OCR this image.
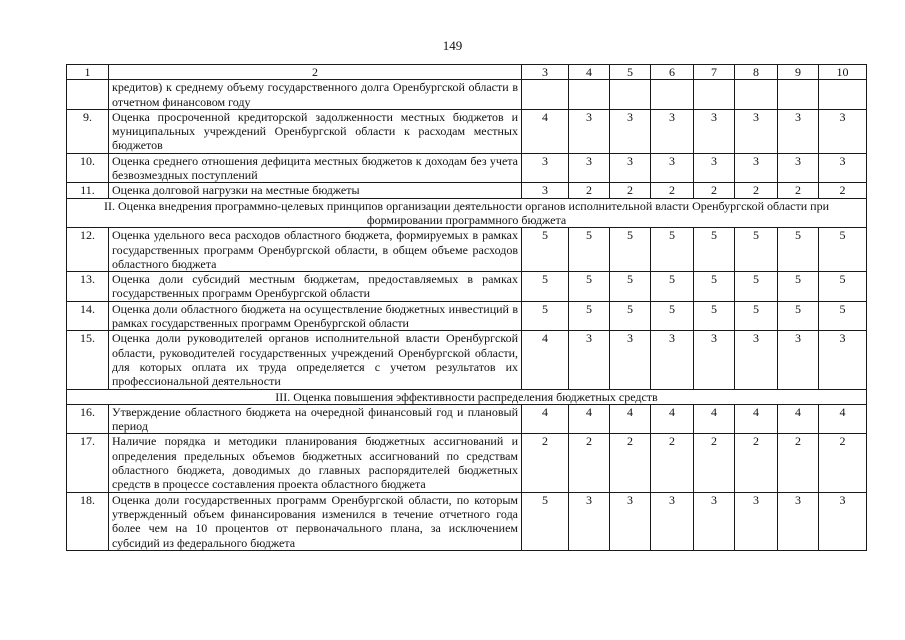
149
1	2	3	4	5	6	7	8	9	10
	кредитов) к среднему объему государственного долга Оренбургской области в отчетном финансовом году								
9.	Оценка просроченной кредиторской задолженности местных бюджетов и муниципальных учреждений Оренбургской области к расходам местных бюджетов	4	3	3	3	3	3	3	3
10.	Оценка среднего отношения дефицита местных бюджетов к доходам без учета безвозмездных поступлений	3	3	3	3	3	3	3	3
11.	Оценка долговой нагрузки на местные бюджеты	3	2	2	2	2	2	2	2
II. Оценка внедрения программно-целевых принципов организации деятельности органов исполнительной власти Оренбургской области при формировании программного бюджета									
12.	Оценка удельного веса расходов областного бюджета, формируемых в рамках государственных программ Оренбургской области, в общем объеме расходов областного бюджета	5	5	5	5	5	5	5	5
13.	Оценка доли субсидий местным бюджетам, предоставляемых в рамках государственных программ Оренбургской области	5	5	5	5	5	5	5	5
14.	Оценка доли областного бюджета на осуществление бюджетных инвестиций в рамках государственных программ Оренбургской области	5	5	5	5	5	5	5	5
15.	Оценка доли руководителей органов исполнительной власти Оренбургской области, руководителей государственных учреждений Оренбургской области, для которых оплата их труда определяется с учетом результатов их профессиональной деятельности	4	3	3	3	3	3	3	3
III. Оценка повышения эффективности распределения бюджетных средств									
16.	Утверждение областного бюджета на очередной финансовый год и плановый период	4	4	4	4	4	4	4	4
17.	Наличие порядка и методики планирования бюджетных ассигнований и определения предельных объемов бюджетных ассигнований по средствам областного бюджета, доводимых до главных распорядителей бюджетных средств в процессе составления проекта областного бюджета	2	2	2	2	2	2	2	2
18.	Оценка доли государственных программ Оренбургской области, по которым утвержденный объем финансирования изменился в течение отчетного года более чем на 10 процентов от первоначального плана, за исключением субсидий из федерального бюджета	5	3	3	3	3	3	3	3
